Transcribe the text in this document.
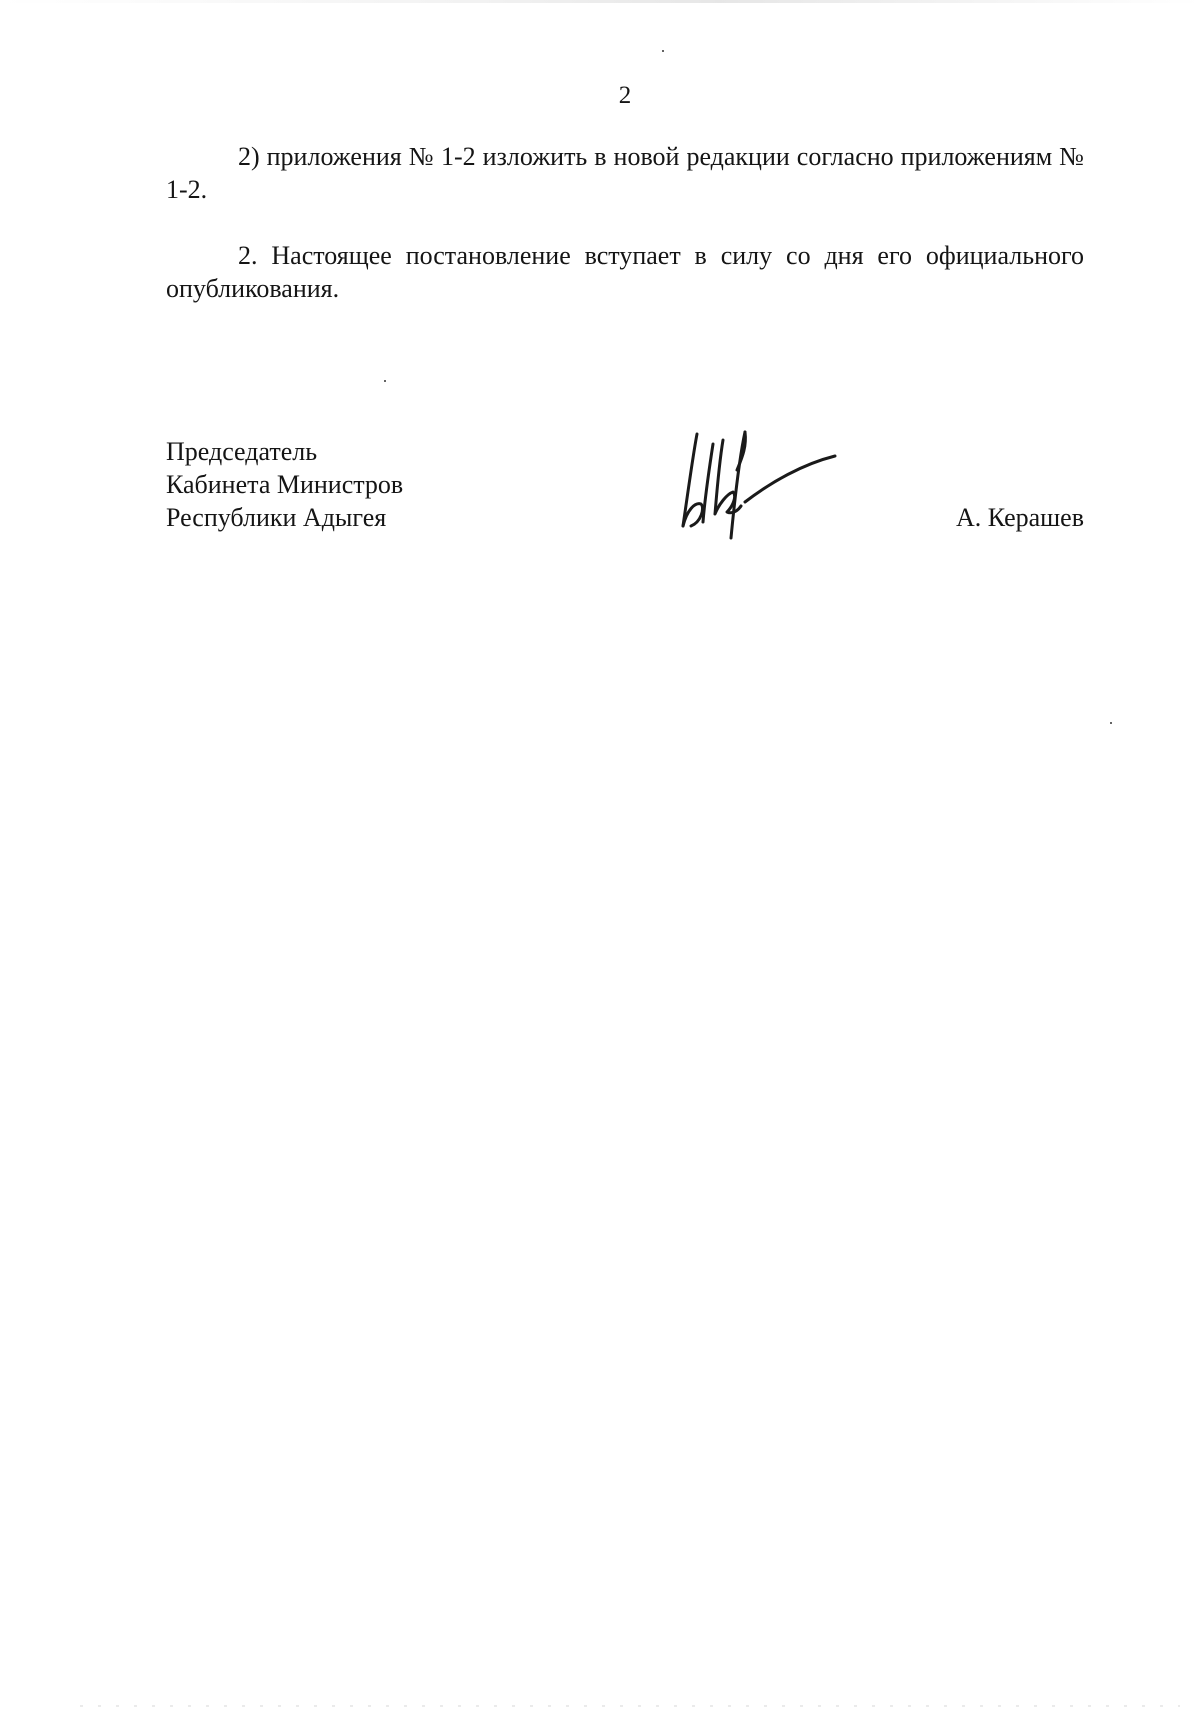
2

2) приложения № 1-2 изложить в новой редакции согласно приложениям № 1-2.

2. Настоящее постановление вступает в силу со дня его официального опубликования.

Председатель
Кабинета Министров
Республики Адыгея	А. Керашев
